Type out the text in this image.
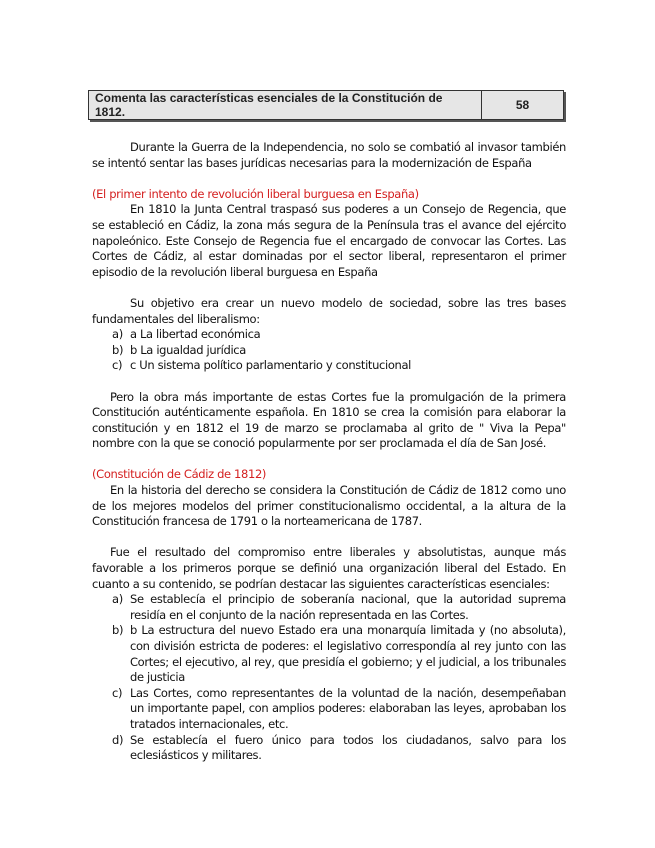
Comenta las características esenciales de la Constitución de 1812.	58

Durante la Guerra de la Independencia, no solo se combatió al invasor también se intentó sentar las bases jurídicas necesarias para la modernización de España

(El primer intento de revolución liberal burguesa en España)

En 1810 la Junta Central traspasó sus poderes a un Consejo de Regencia, que se estableció en Cádiz, la zona más segura de la Península tras el avance del ejército napoleónico. Este Consejo de Regencia fue el encargado de convocar las Cortes. Las Cortes de Cádiz, al estar dominadas por el sector liberal, representaron el primer episodio de la revolución liberal burguesa en España

Su objetivo era crear un nuevo modelo de sociedad, sobre las tres bases fundamentales del liberalismo:

a) a La libertad económica
b) b La igualdad jurídica
c) c Un sistema político parlamentario y constitucional

Pero la obra más importante de estas Cortes fue la promulgación de la primera Constitución auténticamente española. En 1810 se crea la comisión para elaborar la constitución y en 1812 el 19 de marzo se proclamaba al grito de " Viva la Pepa" nombre con la que se conoció popularmente por ser proclamada el día de San José.

(Constitución de Cádiz de 1812)

En la historia del derecho se considera la Constitución de Cádiz de 1812 como uno de los mejores modelos del primer constitucionalismo occidental, a la altura de la Constitución francesa de 1791 o la norteamericana de 1787.

Fue el resultado del compromiso entre liberales y absolutistas, aunque más favorable a los primeros porque se definió una organización liberal del Estado. En cuanto a su contenido, se podrían destacar las siguientes características esenciales:

a) Se establecía el principio de soberanía nacional, que la autoridad suprema residía en el conjunto de la nación representada en las Cortes.
b) b La estructura del nuevo Estado era una monarquía limitada y (no absoluta), con división estricta de poderes: el legislativo correspondía al rey junto con las Cortes; el ejecutivo, al rey, que presidía el gobierno; y el judicial, a los tribunales de justicia
c) Las Cortes, como representantes de la voluntad de la nación, desempeñaban un importante papel, con amplios poderes: elaboraban las leyes, aprobaban los tratados internacionales, etc.
d) Se establecía el fuero único para todos los ciudadanos, salvo para los eclesiásticos y militares.
